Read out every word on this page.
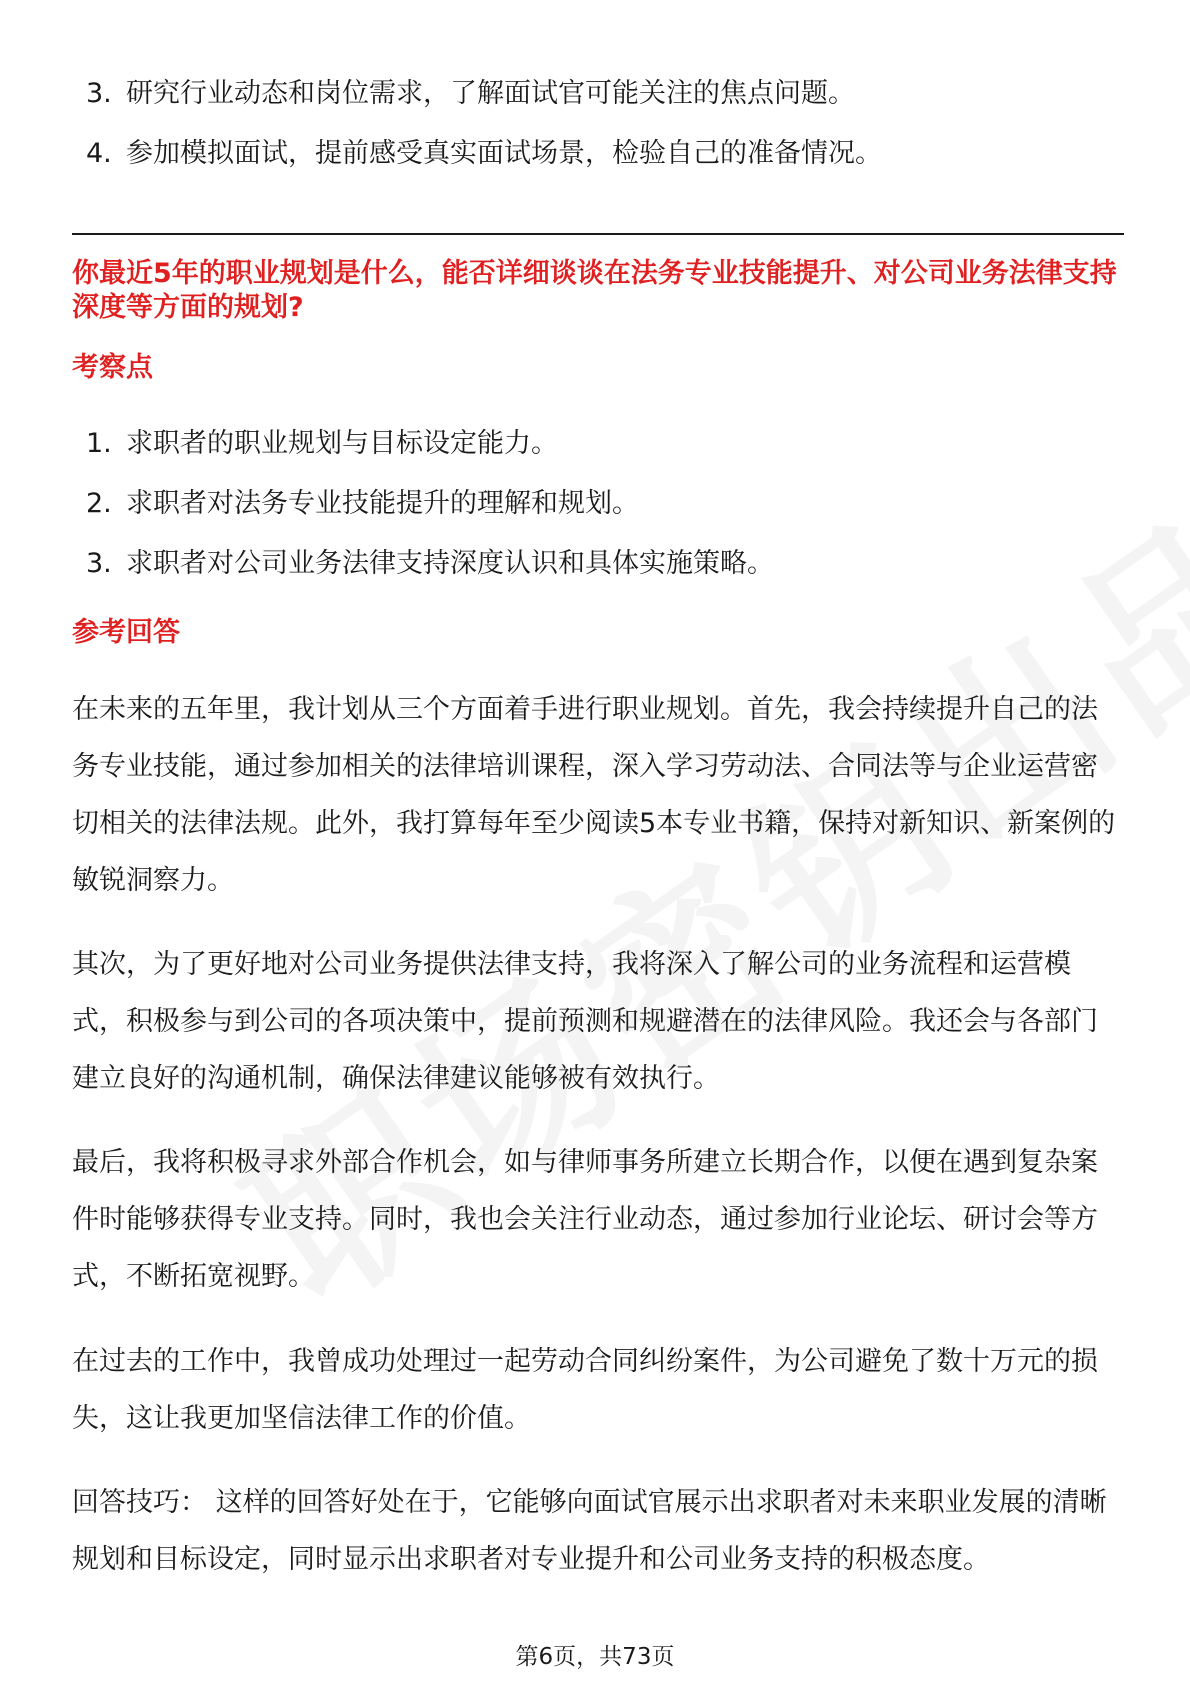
3. 研究行业动态和岗位需求，了解面试官可能关注的焦点问题。
4. 参加模拟面试，提前感受真实面试场景，检验自己的准备情况。
你最近5年的职业规划是什么，能否详细谈谈在法务专业技能提升、对公司业务法律支持深度等方面的规划?
考察点
1. 求职者的职业规划与目标设定能力。
2. 求职者对法务专业技能提升的理解和规划。
3. 求职者对公司业务法律支持深度认识和具体实施策略。
参考回答

在未来的五年里，我计划从三个方面着手进行职业规划。首先，我会持续提升自己的法务专业技能，通过参加相关的法律培训课程，深入学习劳动法、合同法等与企业运营密切相关的法律法规。此外，我打算每年至少阅读5本专业书籍，保持对新知识、新案例的敏锐洞察力。

其次，为了更好地对公司业务提供法律支持，我将深入了解公司的业务流程和运营模式，积极参与到公司的各项决策中，提前预测和规避潜在的法律风险。我还会与各部门建立良好的沟通机制，确保法律建议能够被有效执行。

最后，我将积极寻求外部合作机会，如与律师事务所建立长期合作，以便在遇到复杂案件时能够获得专业支持。同时，我也会关注行业动态，通过参加行业论坛、研讨会等方式，不断拓宽视野。

在过去的工作中，我曾成功处理过一起劳动合同纠纷案件，为公司避免了数十万元的损失，这让我更加坚信法律工作的价值。

回答技巧： 这样的回答好处在于，它能够向面试官展示出求职者对未来职业发展的清晰规划和目标设定，同时显示出求职者对专业提升和公司业务支持的积极态度。

第6页，共73页
